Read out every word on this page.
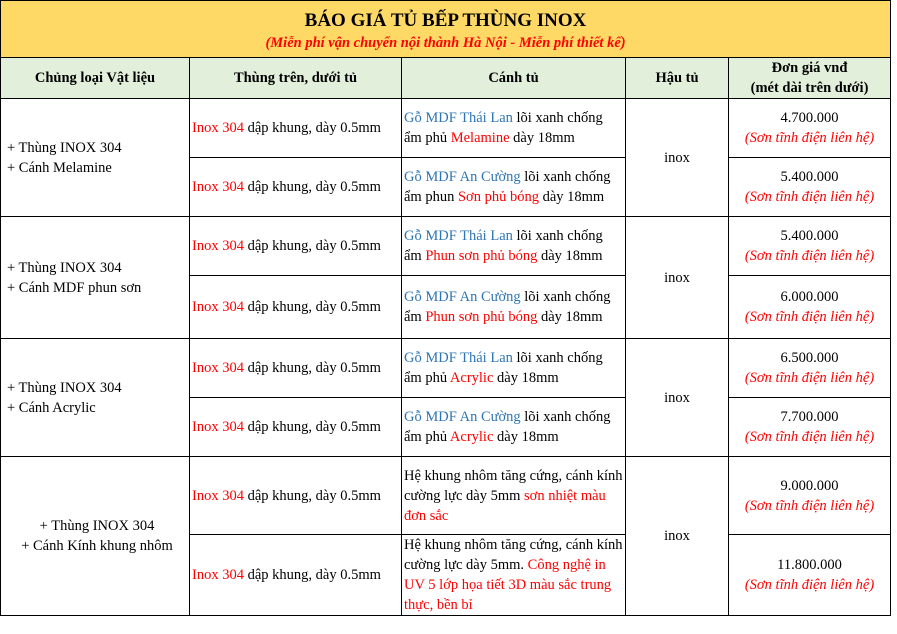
BÁO GIÁ TỦ BẾP THÙNG INOX
(Miễn phí vận chuyển nội thành Hà Nội - Miễn phí thiết kế)				

Chủng loại Vật liệu	Thùng trên, dưới tủ	Cánh tủ	Hậu tủ	Đơn giá vnđ
(mét dài trên dưới)

+ Thùng INOX 304
+ Cánh Melamine	Inox 304 dập khung, dày 0.5mm	Gỗ MDF Thái Lan lõi xanh chống ẩm phủ Melamine dày 18mm	inox	4.700.000
(Sơn tĩnh điện liên hệ)

	Inox 304 dập khung, dày 0.5mm	Gỗ MDF An Cường lõi xanh chống ẩm phun Sơn phủ bóng dày 18mm		5.400.000
(Sơn tĩnh điện liên hệ)

+ Thùng INOX 304
+ Cánh MDF phun sơn	Inox 304 dập khung, dày 0.5mm	Gỗ MDF Thái Lan lõi xanh chống ẩm Phun sơn phủ bóng dày 18mm	inox	5.400.000
(Sơn tĩnh điện liên hệ)

	Inox 304 dập khung, dày 0.5mm	Gỗ MDF An Cường lõi xanh chống ẩm Phun sơn phủ bóng dày 18mm		6.000.000
(Sơn tĩnh điện liên hệ)

+ Thùng INOX 304
+ Cánh Acrylic	Inox 304 dập khung, dày 0.5mm	Gỗ MDF Thái Lan lõi xanh chống ẩm phủ Acrylic dày 18mm	inox	6.500.000
(Sơn tĩnh điện liên hệ)

	Inox 304 dập khung, dày 0.5mm	Gỗ MDF An Cường lõi xanh chống ẩm phủ Acrylic dày 18mm		7.700.000
(Sơn tĩnh điện liên hệ)

+ Thùng INOX 304
+ Cánh Kính khung nhôm	Inox 304 dập khung, dày 0.5mm	Hệ khung nhôm tăng cứng, cánh kính cường lực dày 5mm sơn nhiệt màu đơn sắc	inox	9.000.000
(Sơn tĩnh điện liên hệ)

	Inox 304 dập khung, dày 0.5mm	Hệ khung nhôm tăng cứng, cánh kính cường lực dày 5mm. Công nghệ in UV 5 lớp họa tiết 3D màu sắc trung thực, bền bỉ		11.800.000
(Sơn tĩnh điện liên hệ)
